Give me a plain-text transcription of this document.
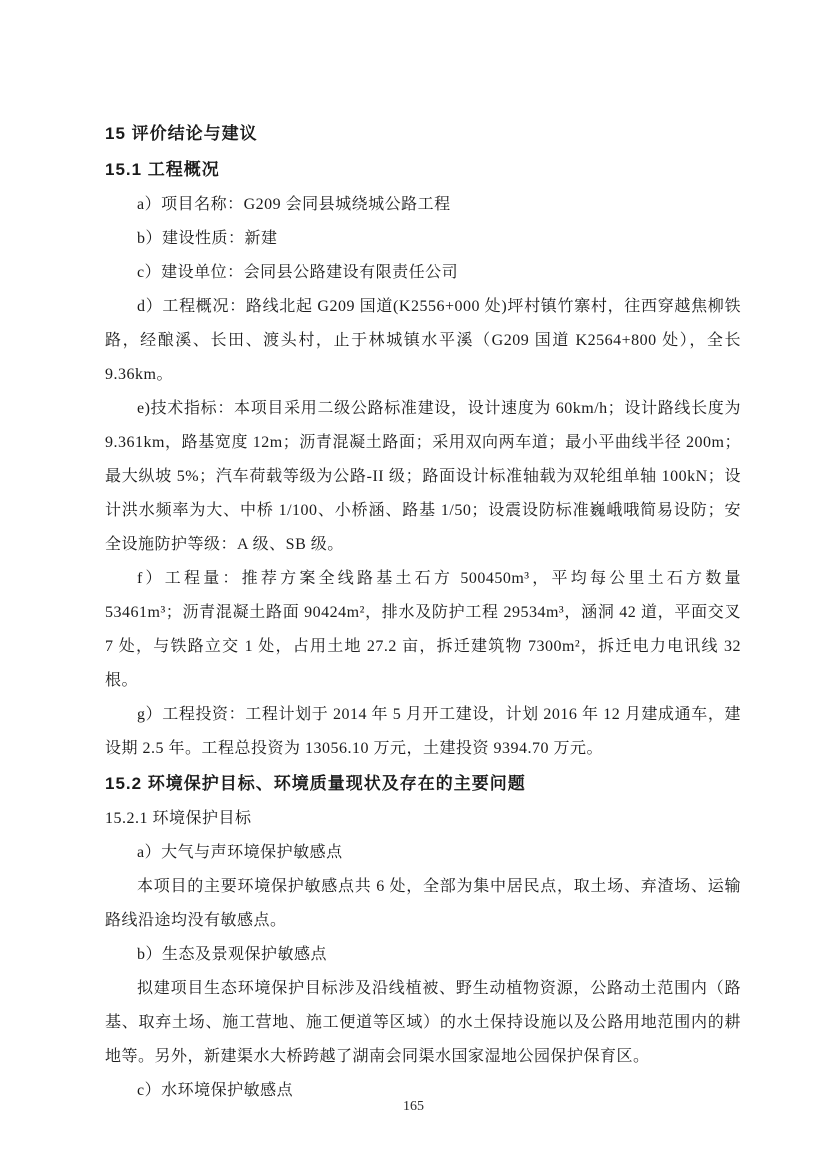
15 评价结论与建议
15.1 工程概况

a）项目名称：G209 会同县城绕城公路工程

b）建设性质：新建

c）建设单位：会同县公路建设有限责任公司

d）工程概况：路线北起 G209 国道(K2556+000 处)坪村镇竹寨村，往西穿越焦柳铁路，经酿溪、长田、渡头村，止于林城镇水平溪（G209 国道 K2564+800 处），全长 9.36km。

e)技术指标：本项目采用二级公路标准建设，设计速度为 60km/h；设计路线长度为 9.361km，路基宽度 12m；沥青混凝土路面；采用双向两车道；最小平曲线半径 200m；最大纵坡 5%；汽车荷载等级为公路-II 级；路面设计标准轴载为双轮组单轴 100kN；设计洪水频率为大、中桥 1/100、小桥涵、路基 1/50；设震设防标准巍峨哦简易设防；安全设施防护等级：A 级、SB 级。

f）工程量：推荐方案全线路基土石方 500450m³，平均每公里土石方数量 53461m³；沥青混凝土路面 90424m²，排水及防护工程 29534m³，涵洞 42 道，平面交叉 7 处，与铁路立交 1 处，占用土地 27.2 亩，拆迁建筑物 7300m²，拆迁电力电讯线 32 根。

g）工程投资：工程计划于 2014 年 5 月开工建设，计划 2016 年 12 月建成通车，建设期 2.5 年。工程总投资为 13056.10 万元，土建投资 9394.70 万元。

15.2 环境保护目标、环境质量现状及存在的主要问题
15.2.1 环境保护目标

a）大气与声环境保护敏感点

本项目的主要环境保护敏感点共 6 处，全部为集中居民点，取土场、弃渣场、运输路线沿途均没有敏感点。

b）生态及景观保护敏感点

拟建项目生态环境保护目标涉及沿线植被、野生动植物资源，公路动土范围内（路基、取弃土场、施工营地、施工便道等区域）的水土保持设施以及公路用地范围内的耕地等。另外，新建渠水大桥跨越了湖南会同渠水国家湿地公园保护保育区。

c）水环境保护敏感点

165
